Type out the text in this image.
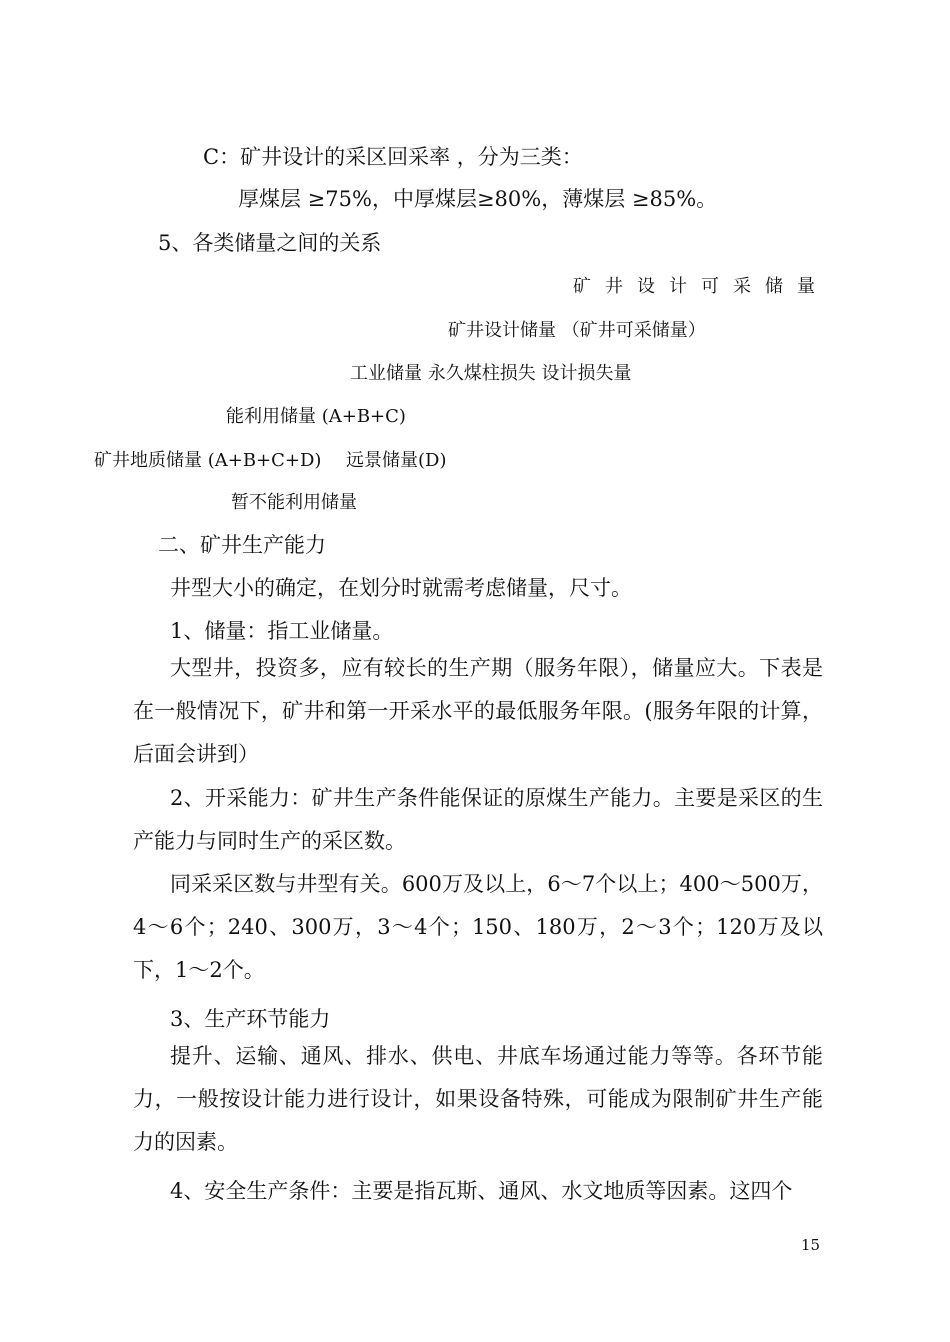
C：矿井设计的采区回采率 ，分为三类：
厚煤层 ≥75%，中厚煤层≥80%，薄煤层 ≥85%。
5、各类储量之间的关系
矿井设计可采储量
矿井设计储量 （矿井可采储量）
工业储量 永久煤柱损失 设计损失量
能利用储量 (A+B+C)
矿井地质储量 (A+B+C+D) 远景储量(D)
暂不能利用储量
二、矿井生产能力
井型大小的确定，在划分时就需考虑储量，尺寸。
1、储量：指工业储量。

大型井，投资多，应有较长的生产期（服务年限），储量应大。下表是在一般情况下，矿井和第一开采水平的最低服务年限。(服务年限的计算，后面会讲到）

2、开采能力：矿井生产条件能保证的原煤生产能力。主要是采区的生产能力与同时生产的采区数。

同采采区数与井型有关。600万及以上，6～7个以上；400～500万，4～6个；240、300万，3～4个；150、180万，2～3个；120万及以下，1～2个。

3、生产环节能力

提升、运输、通风、排水、供电、井底车场通过能力等等。各环节能力，一般按设计能力进行设计，如果设备特殊，可能成为限制矿井生产能力的因素。

4、安全生产条件：主要是指瓦斯、通风、水文地质等因素。这四个
15
